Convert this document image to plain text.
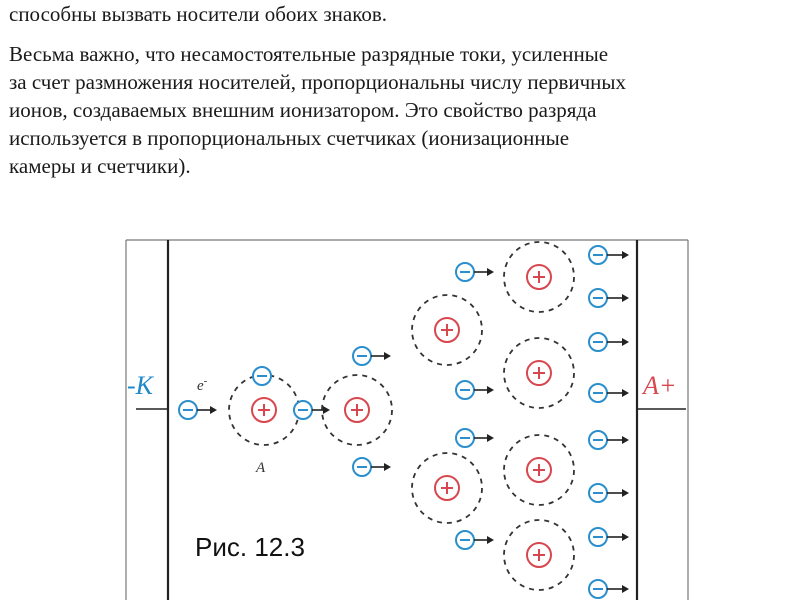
способны вызвать носители обоих знаков.

Весьма важно, что несамостоятельные разрядные токи, усиленные
за счет размножения носителей, пропорциональны числу первичных
ионов, создаваемых внешним ионизатором. Это свойство разряда
используется в пропорциональных счетчиках (ионизационные
камеры и счетчики).
-K	A+
e-
A
Рис. 12.3
